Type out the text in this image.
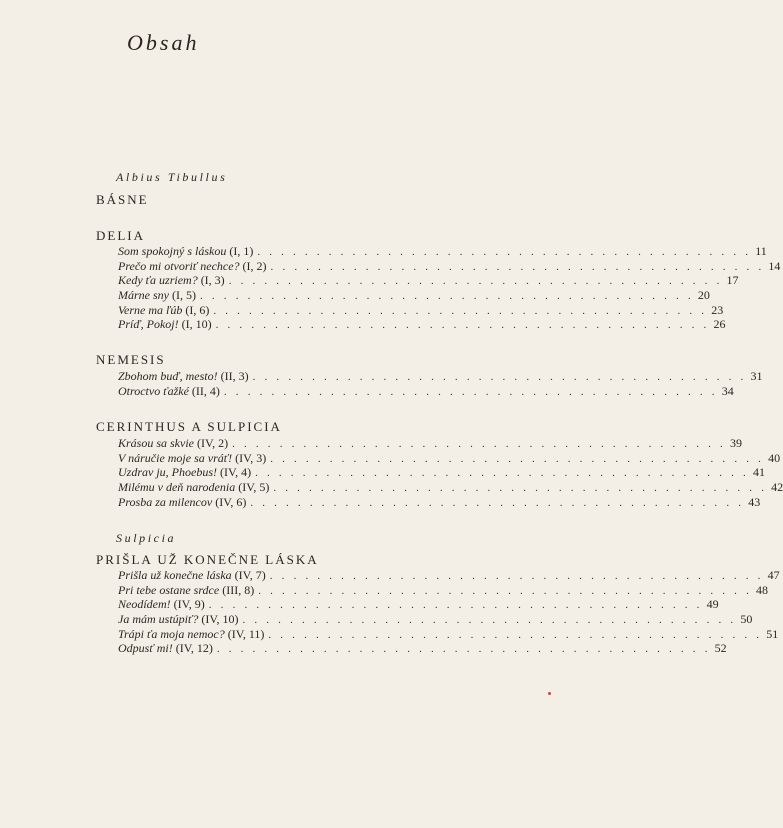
Obsah
Albius Tibullus
BÁSNE
DELIA
Som spokojný s láskou (I, 1) . . . . . . . . . . . . . . . . . . . . . . . . . . . . . . . . . . . . . . . . . . 11
Prečo mi otvoriť nechce? (I, 2) . . . . . . . . . . . . . . . . . . . . . . . . . . . . . . . . . . . . . . . . . . 14
Kedy ťa uzriem? (I, 3) . . . . . . . . . . . . . . . . . . . . . . . . . . . . . . . . . . . . . . . . . . 17
Márne sny (I, 5) . . . . . . . . . . . . . . . . . . . . . . . . . . . . . . . . . . . . . . . . . . 20
Verne ma ľúb (I, 6) . . . . . . . . . . . . . . . . . . . . . . . . . . . . . . . . . . . . . . . . . . 23
Príď, Pokoj! (I, 10) . . . . . . . . . . . . . . . . . . . . . . . . . . . . . . . . . . . . . . . . . . 26
NEMESIS
Zbohom buď, mesto! (II, 3) . . . . . . . . . . . . . . . . . . . . . . . . . . . . . . . . . . . . . . . . . . 31
Otroctvo ťažké (II, 4) . . . . . . . . . . . . . . . . . . . . . . . . . . . . . . . . . . . . . . . . . . 34
CERINTHUS A SULPICIA
Krásou sa skvie (IV, 2) . . . . . . . . . . . . . . . . . . . . . . . . . . . . . . . . . . . . . . . . . . 39
V náručie moje sa vráť! (IV, 3) . . . . . . . . . . . . . . . . . . . . . . . . . . . . . . . . . . . . . . . . . . 40
Uzdrav ju, Phoebus! (IV, 4) . . . . . . . . . . . . . . . . . . . . . . . . . . . . . . . . . . . . . . . . . . 41
Milému v deň narodenia (IV, 5) . . . . . . . . . . . . . . . . . . . . . . . . . . . . . . . . . . . . . . . . . . 42
Prosba za milencov (IV, 6) . . . . . . . . . . . . . . . . . . . . . . . . . . . . . . . . . . . . . . . . . . 43
Sulpicia
PRIŠLA UŽ KONEČNE LÁSKA
Prišla už konečne láska (IV, 7) . . . . . . . . . . . . . . . . . . . . . . . . . . . . . . . . . . . . . . . . . . 47
Pri tebe ostane srdce (III, 8) . . . . . . . . . . . . . . . . . . . . . . . . . . . . . . . . . . . . . . . . . . 48
Neodídem! (IV, 9) . . . . . . . . . . . . . . . . . . . . . . . . . . . . . . . . . . . . . . . . . . 49
Ja mám ustúpiť? (IV, 10) . . . . . . . . . . . . . . . . . . . . . . . . . . . . . . . . . . . . . . . . . . 50
Trápi ťa moja nemoc? (IV, 11) . . . . . . . . . . . . . . . . . . . . . . . . . . . . . . . . . . . . . . . . . . 51
Odpusť mi! (IV, 12) . . . . . . . . . . . . . . . . . . . . . . . . . . . . . . . . . . . . . . . . . . 52
